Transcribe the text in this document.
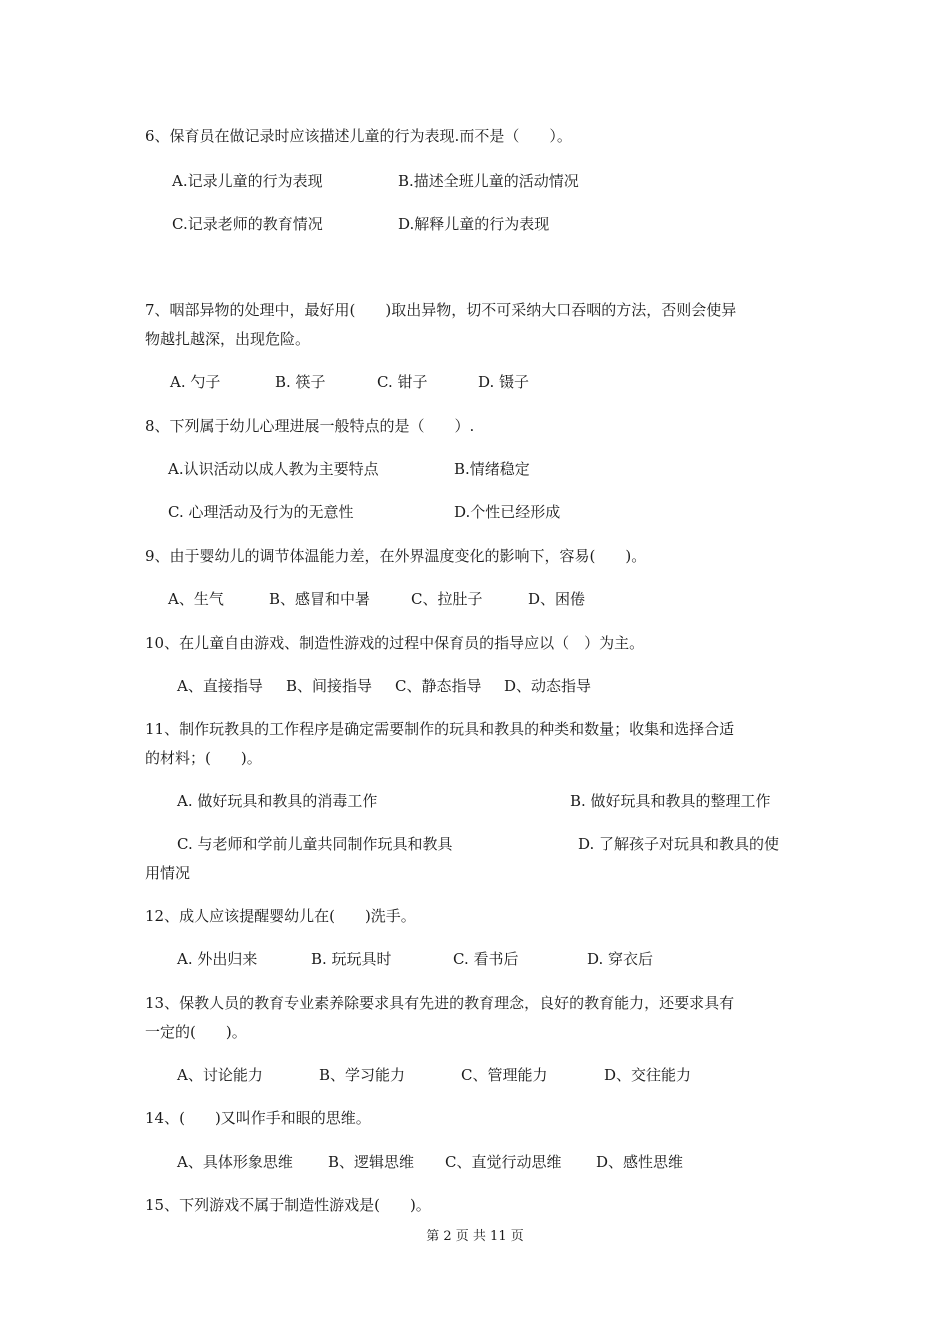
6、保育员在做记录时应该描述儿童的行为表现.而不是（　　）。
A.记录儿童的行为表现	B.描述全班儿童的活动情况
C.记录老师的教育情况	D.解释儿童的行为表现
7、咽部异物的处理中，最好用(　　)取出异物，切不可采纳大口吞咽的方法，否则会使异
物越扎越深，出现危险。
A. 勺子	B. 筷子	C. 钳子	D. 镊子
8、下列属于幼儿心理进展一般特点的是（　　）.
A.认识活动以成人教为主要特点	B.情绪稳定
C. 心理活动及行为的无意性	D.个性已经形成
9、由于婴幼儿的调节体温能力差，在外界温度变化的影响下，容易(　　)。
A、生气	B、感冒和中暑	C、拉肚子	D、困倦
10、在儿童自由游戏、制造性游戏的过程中保育员的指导应以（　）为主。
A、直接指导 B、间接指导 C、静态指导 D、动态指导
11、制作玩教具的工作程序是确定需要制作的玩具和教具的种类和数量；收集和选择合适
的材料；(　　)。
A. 做好玩具和教具的消毒工作	B. 做好玩具和教具的整理工作
C. 与老师和学前儿童共同制作玩具和教具	D. 了解孩子对玩具和教具的使
用情况
12、成人应该提醒婴幼儿在(　　)洗手。
A. 外出归来	B. 玩玩具时	C. 看书后	D. 穿衣后
13、保教人员的教育专业素养除要求具有先进的教育理念，良好的教育能力，还要求具有
一定的(　　)。
A、讨论能力	B、学习能力	C、管理能力	D、交往能力
14、(　　)又叫作手和眼的思维。
A、具体形象思维 B、逻辑思维 C、直觉行动思维 D、感性思维
15、下列游戏不属于制造性游戏是(　　)。
第 2 页 共 11 页
